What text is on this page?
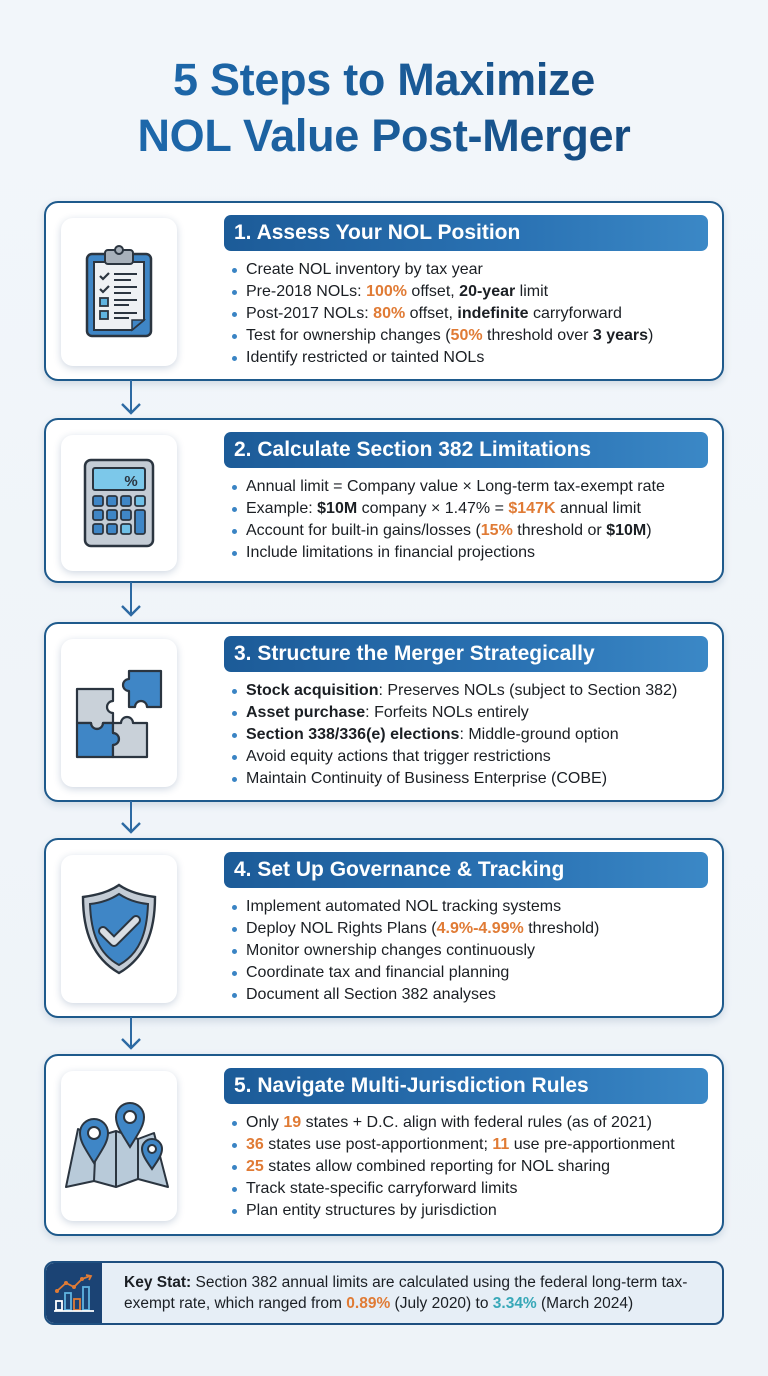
5 Steps to Maximize
NOL Value Post-Merger
1. Assess Your NOL Position
Create NOL inventory by tax year
Pre-2018 NOLs: 100% offset, 20-year limit
Post-2017 NOLs: 80% offset, indefinite carryforward
Test for ownership changes (50% threshold over 3 years)
Identify restricted or tainted NOLs
%
2. Calculate Section 382 Limitations
Annual limit = Company value × Long-term tax-exempt rate
Example: $10M company × 1.47% = $147K annual limit
Account for built-in gains/losses (15% threshold or $10M)
Include limitations in financial projections
3. Structure the Merger Strategically
Stock acquisition: Preserves NOLs (subject to Section 382)
Asset purchase: Forfeits NOLs entirely
Section 338/336(e) elections: Middle-ground option
Avoid equity actions that trigger restrictions
Maintain Continuity of Business Enterprise (COBE)
4. Set Up Governance & Tracking
Implement automated NOL tracking systems
Deploy NOL Rights Plans (4.9%-4.99% threshold)
Monitor ownership changes continuously
Coordinate tax and financial planning
Document all Section 382 analyses
5. Navigate Multi-Jurisdiction Rules
Only 19 states + D.C. align with federal rules (as of 2021)
36 states use post-apportionment; 11 use pre-apportionment
25 states allow combined reporting for NOL sharing
Track state-specific carryforward limits
Plan entity structures by jurisdiction
Key Stat: Section 382 annual limits are calculated using the federal long-term tax-exempt rate, which ranged from 0.89% (July 2020) to 3.34% (March 2024)
